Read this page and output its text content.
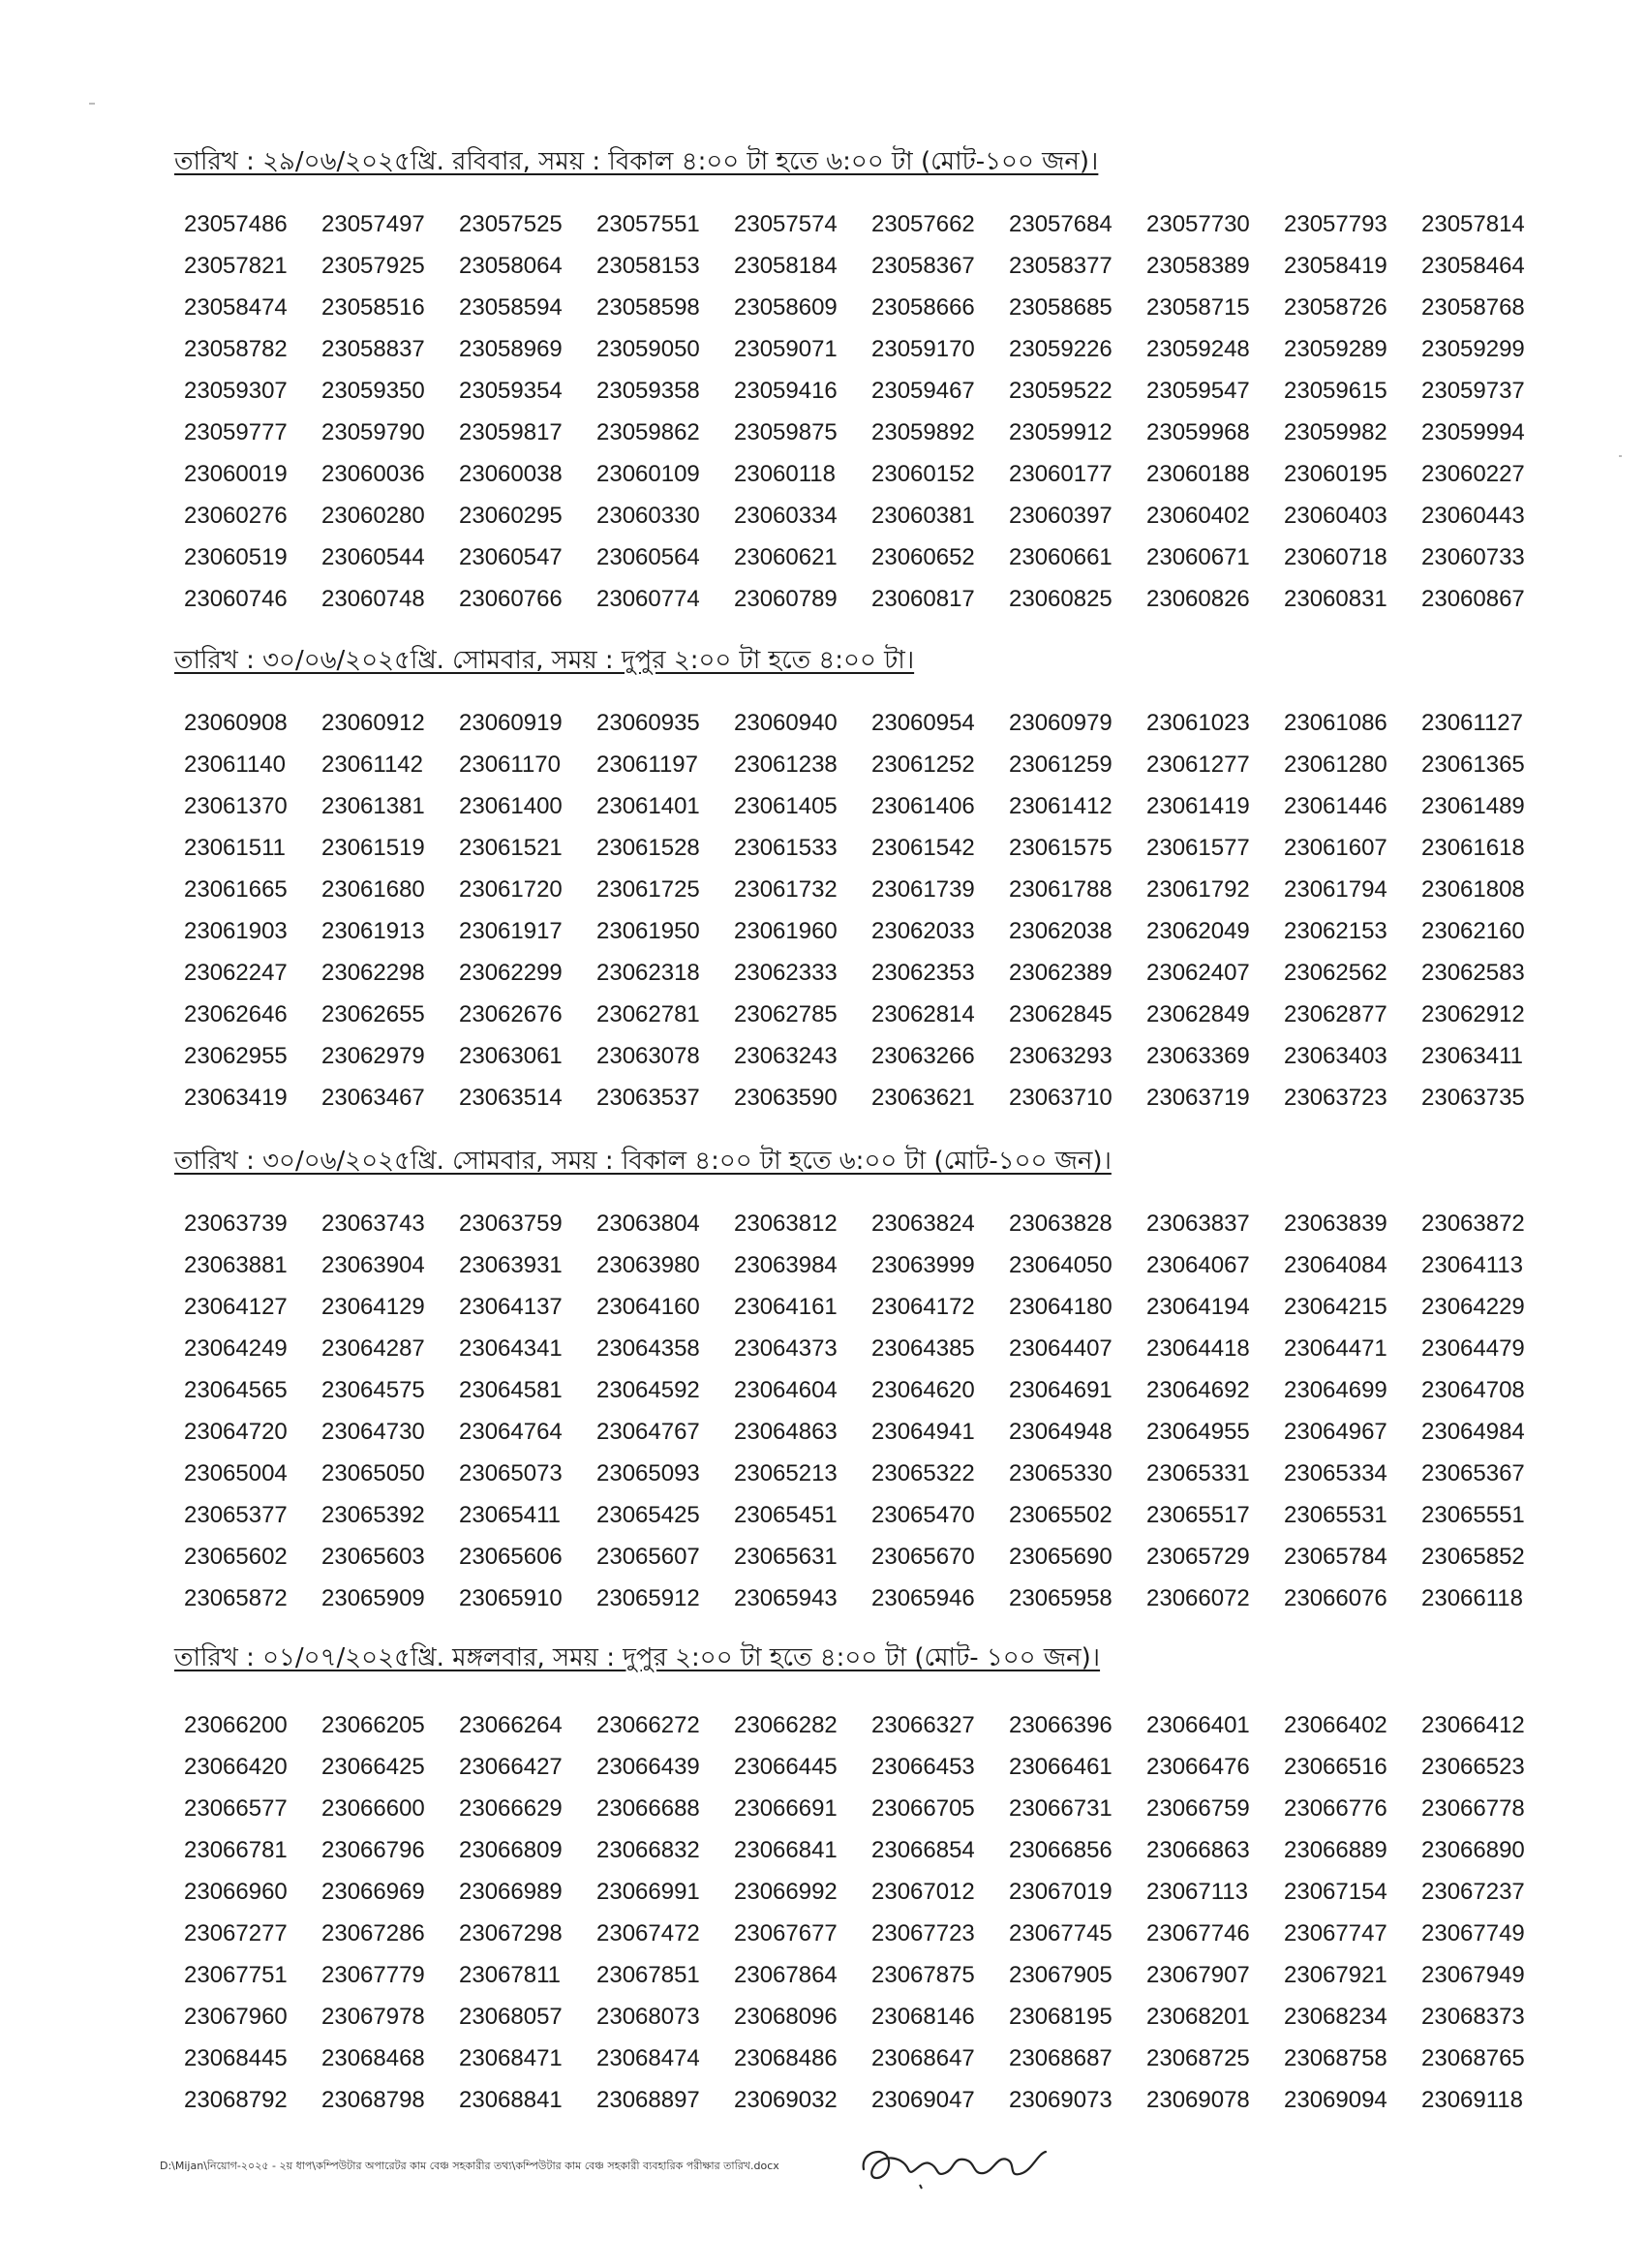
তারিখ : ২৯/০৬/২০২৫খ্রি. রবিবার, সময় : বিকাল ৪:০০ টা হতে ৬:০০ টা (মোট-১০০ জন)।
23057486	23057497	23057525	23057551	23057574	23057662	23057684	23057730	23057793	23057814
23057821	23057925	23058064	23058153	23058184	23058367	23058377	23058389	23058419	23058464
23058474	23058516	23058594	23058598	23058609	23058666	23058685	23058715	23058726	23058768
23058782	23058837	23058969	23059050	23059071	23059170	23059226	23059248	23059289	23059299
23059307	23059350	23059354	23059358	23059416	23059467	23059522	23059547	23059615	23059737
23059777	23059790	23059817	23059862	23059875	23059892	23059912	23059968	23059982	23059994
23060019	23060036	23060038	23060109	23060118	23060152	23060177	23060188	23060195	23060227
23060276	23060280	23060295	23060330	23060334	23060381	23060397	23060402	23060403	23060443
23060519	23060544	23060547	23060564	23060621	23060652	23060661	23060671	23060718	23060733
23060746	23060748	23060766	23060774	23060789	23060817	23060825	23060826	23060831	23060867
তারিখ : ৩০/০৬/২০২৫খ্রি. সোমবার, সময় : দুপুর ২:০০ টা হতে ৪:০০ টা।
23060908	23060912	23060919	23060935	23060940	23060954	23060979	23061023	23061086	23061127
23061140	23061142	23061170	23061197	23061238	23061252	23061259	23061277	23061280	23061365
23061370	23061381	23061400	23061401	23061405	23061406	23061412	23061419	23061446	23061489
23061511	23061519	23061521	23061528	23061533	23061542	23061575	23061577	23061607	23061618
23061665	23061680	23061720	23061725	23061732	23061739	23061788	23061792	23061794	23061808
23061903	23061913	23061917	23061950	23061960	23062033	23062038	23062049	23062153	23062160
23062247	23062298	23062299	23062318	23062333	23062353	23062389	23062407	23062562	23062583
23062646	23062655	23062676	23062781	23062785	23062814	23062845	23062849	23062877	23062912
23062955	23062979	23063061	23063078	23063243	23063266	23063293	23063369	23063403	23063411
23063419	23063467	23063514	23063537	23063590	23063621	23063710	23063719	23063723	23063735
তারিখ : ৩০/০৬/২০২৫খ্রি. সোমবার, সময় : বিকাল ৪:০০ টা হতে ৬:০০ টা (মোট-১০০ জন)।
23063739	23063743	23063759	23063804	23063812	23063824	23063828	23063837	23063839	23063872
23063881	23063904	23063931	23063980	23063984	23063999	23064050	23064067	23064084	23064113
23064127	23064129	23064137	23064160	23064161	23064172	23064180	23064194	23064215	23064229
23064249	23064287	23064341	23064358	23064373	23064385	23064407	23064418	23064471	23064479
23064565	23064575	23064581	23064592	23064604	23064620	23064691	23064692	23064699	23064708
23064720	23064730	23064764	23064767	23064863	23064941	23064948	23064955	23064967	23064984
23065004	23065050	23065073	23065093	23065213	23065322	23065330	23065331	23065334	23065367
23065377	23065392	23065411	23065425	23065451	23065470	23065502	23065517	23065531	23065551
23065602	23065603	23065606	23065607	23065631	23065670	23065690	23065729	23065784	23065852
23065872	23065909	23065910	23065912	23065943	23065946	23065958	23066072	23066076	23066118
তারিখ : ০১/০৭/২০২৫খ্রি. মঙ্গলবার, সময় : দুপুর ২:০০ টা হতে ৪:০০ টা (মোট- ১০০ জন)।
23066200	23066205	23066264	23066272	23066282	23066327	23066396	23066401	23066402	23066412
23066420	23066425	23066427	23066439	23066445	23066453	23066461	23066476	23066516	23066523
23066577	23066600	23066629	23066688	23066691	23066705	23066731	23066759	23066776	23066778
23066781	23066796	23066809	23066832	23066841	23066854	23066856	23066863	23066889	23066890
23066960	23066969	23066989	23066991	23066992	23067012	23067019	23067113	23067154	23067237
23067277	23067286	23067298	23067472	23067677	23067723	23067745	23067746	23067747	23067749
23067751	23067779	23067811	23067851	23067864	23067875	23067905	23067907	23067921	23067949
23067960	23067978	23068057	23068073	23068096	23068146	23068195	23068201	23068234	23068373
23068445	23068468	23068471	23068474	23068486	23068647	23068687	23068725	23068758	23068765
23068792	23068798	23068841	23068897	23069032	23069047	23069073	23069078	23069094	23069118
D:\Mijan\নিয়োগ-২০২৫ - ২য় ধাপ\কম্পিউটার অপারেটর কাম বেঞ্চ সহকারীর তথ্য\কম্পিউটার কাম বেঞ্চ সহকারী ব্যবহারিক পরীক্ষার তারিখ.docx
